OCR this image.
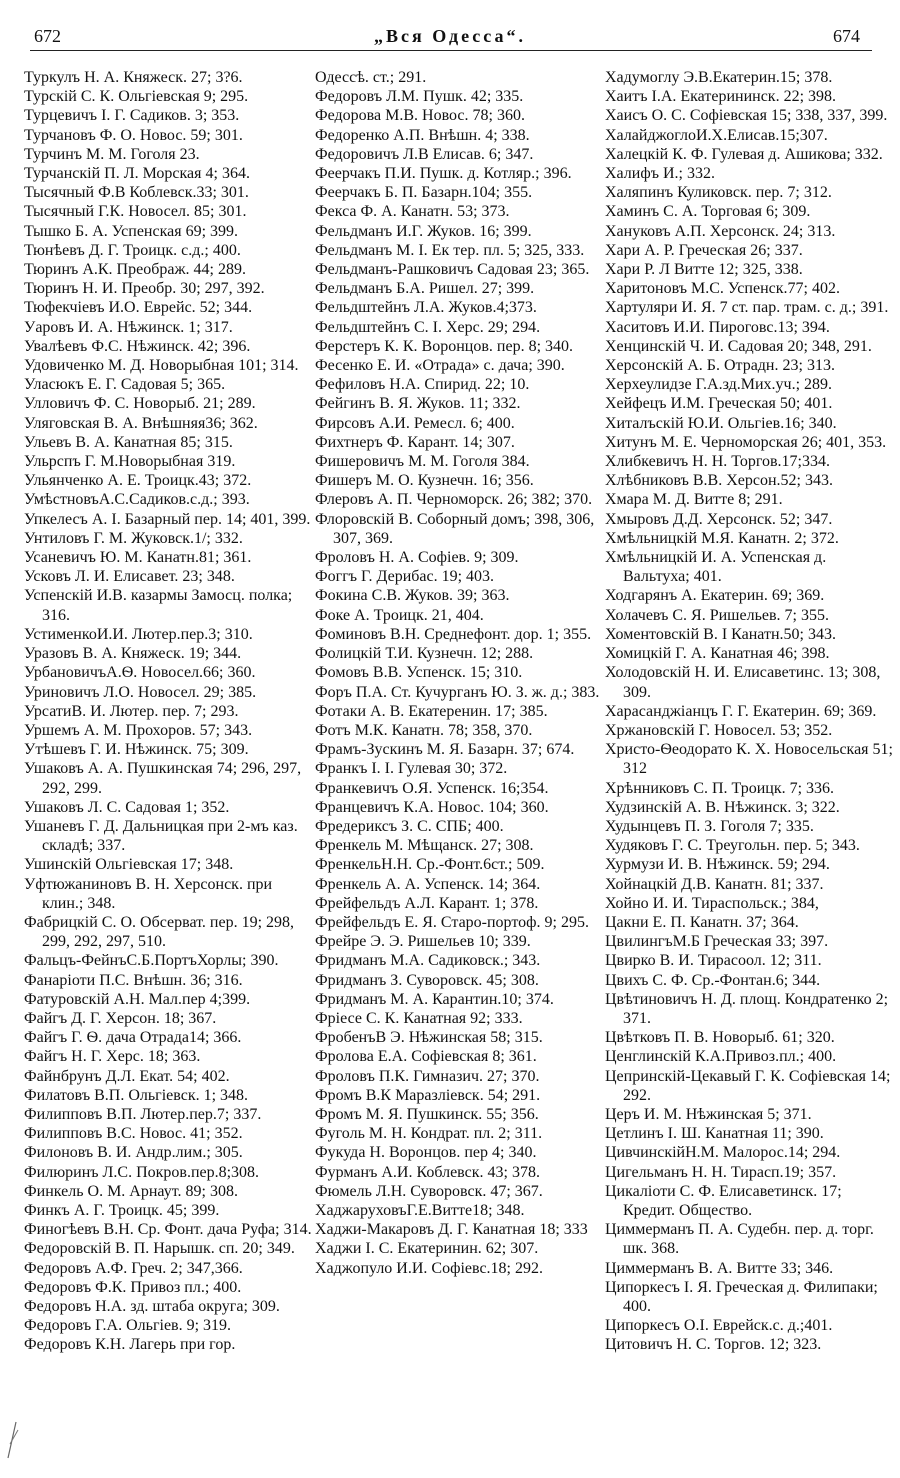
672	„Вся Одесса“.	674

Туркулъ Н. А. Княжеск. 27; 3?6.

Турскій С. К. Ольгіевская 9; 295.

Турцевичъ І. Г. Садиков. 3; 353.

Турчановъ Ф. О. Новос. 59; 301.

Турчинъ М. М. Гоголя 23.

Турчанскій П. Л. Морская 4; 364.

Тысячный Ф.В Коблевск.33; 301.

Тысячный Г.К. Новосел. 85; 301.

Тышко Б. А. Успенская 69; 399.

Тюнѣевъ Д. Г. Троицк. с.д.; 400.

Тюринъ А.К. Преображ. 44; 289.

Тюринъ Н. И. Преобр. 30; 297, 392.

Тюфекчіевъ И.О. Еврейс. 52; 344.

Уаровъ И. А. Нѣжинск. 1; 317.

Увалѣевъ Ф.С. Нѣжинск. 42; 396.

Удовиченко М. Д. Новорыбная 101; 314.

Уласюкъ Е. Г. Садовая 5; 365.

Улловичъ Ф. С. Новорыб. 21; 289.

Уляговская В. А. Внѣшняя36; 362.

Ульевъ В. А. Канатная 85; 315.

Ульрспъ Г. М.Новорыбная 319.

Ульянченко А. Е. Троицк.43; 372.

УмѣстновъА.С.Садиков.с.д.; 393.

Упкелесъ А. I. Базарный пер. 14; 401, 399.

Унтиловъ Г. М. Жуковск.1/; 332.

Усаневичъ Ю. М. Канатн.81; 361.

Усковъ Л. И. Елисавет. 23; 348.

Успенскій И.В. казармы Замосц. полка; 316.

УстименкоИ.И. Лютер.пер.3; 310.

Уразовъ В. А. Княжеск. 19; 344.

УрбановичъА.Ѳ. Новосел.66; 360.

Уриновичъ Л.О. Новосел. 29; 385.

УрсатиВ. И. Лютер. пер. 7; 293.

Уршемъ А. М. Прохоров. 57; 343.

Утѣшевъ Г. И. Нѣжинск. 75; 309.

Ушаковъ А. А. Пушкинская 74; 296, 297, 292, 299.

Ушаковъ Л. С. Садовая 1; 352.

Ушаневъ Г. Д. Дальницкая при 2-мъ каз. складѣ; 337.

Ушинскій Ольгіевская 17; 348.

Уфтюжаниновъ В. Н. Херсонск. при клин.; 348.

Фабрицкій С. О. Обсерват. пер. 19; 298, 299, 292, 297, 510.

Фальцъ-ФейнъС.Б.ПортъХорлы; 390.

Фанаріоти П.С. Внѣшн. 36; 316.

Фатуровскій А.Н. Мал.пер 4;399.

Файгъ Д. Г. Херсон. 18; 367.

Файгъ Г. Ѳ. дача Отрада14; 366.

Файгъ Н. Г. Херс. 18; 363.

Файнбрунъ Д.Л. Екат. 54; 402.

Филатовъ В.П. Ольгіевск. 1; 348.

Филипповъ В.П. Лютер.пер.7; 337.

Филипповъ В.С. Новос. 41; 352.

Филоновъ В. И. Андр.лим.; 305.

Филюринъ Л.С. Покров.пер.8;308.

Финкель О. М. Арнаут. 89; 308.

Финкъ А. Г. Троицк. 45; 399.

Финогѣевъ В.Н. Ср. Фонт. дача Руфа; 314.

Федоровскій В. П. Нарышк. сп. 20; 349.

Федоровъ А.Ф. Греч. 2; 347,366.

Федоровъ Ф.К. Привоз пл.; 400.

Федоровъ Н.А. зд. штаба округа; 309.

Федоровъ Г.А. Ольгіев. 9; 319.

Федоровъ К.Н. Лагерь при гор.

Одессѣ. ст.; 291.

Федоровъ Л.М. Пушк. 42; 335.

Федорова М.В. Новос. 78; 360.

Федоренко А.П. Внѣшн. 4; 338.

Федоровичъ Л.В Елисав. 6; 347.

Феерчакъ П.И. Пушк. д. Котляр.; 396.

Феерчакъ Б. П. Базарн.104; 355.

Фекса Ф. А. Канатн. 53; 373.

Фельдманъ И.Г. Жуков. 16; 399.

Фельдманъ М. І. Ек тер. пл. 5; 325, 333.

Фельдманъ-Рашковичъ Садовая 23; 365.

Фельдманъ Б.А. Ришел. 27; 399.

Фельдштейнъ Л.А. Жуков.4;373.

Фельдштейнъ С. I. Херс. 29; 294.

Ферстеръ К. К. Воронцов. пер. 8; 340.

Фесенко Е. И. «Отрада» с. дача; 390.

Фефиловъ Н.А. Спирид. 22; 10.

Фейгинъ В. Я. Жуков. 11; 332.

Фирсовъ А.И. Ремесл. 6; 400.

Фихтнеръ Ф. Карант. 14; 307.

Фишеровичъ М. М. Гоголя 384.

Фишеръ М. О. Кузнечн. 16; 356.

Флеровъ А. П. Черноморск. 26; 382; 370.

Флоровскій В. Соборный домъ; 398, 306, 307, 369.

Фроловъ Н. А. Софіев. 9; 309.

Фоггъ Г. Дерибас. 19; 403.

Фокина С.В. Жуков. 39; 363.

Фоке А. Троицк. 21, 404.

Фоминовъ В.Н. Среднефонт. дор. 1; 355.

Фолицкій Т.И. Кузнечн. 12; 288.

Фомовъ В.В. Успенск. 15; 310.

Форъ П.А. Ст. Кучурганъ Ю. З. ж. д.; 383.

Фотаки А. В. Екатеренин. 17; 385.

Фотъ М.К. Канатн. 78; 358, 370.

Фрамъ-Зускинъ М. Я. Базарн. 37; 674.

Франкъ I. I. Гулевая 30; 372.

Франкевичъ О.Я. Успенск. 16;354.

Францевичъ К.А. Новос. 104; 360.

Фредериксъ З. С. СПБ; 400.

Френкель М. Мѣщанск. 27; 308.

ФренкельН.Н. Ср.-Фонт.6ст.; 509.

Френкель А. А. Успенск. 14; 364.

Фрейфельдъ А.Л. Карант. 1; 378.

Фрейфельдъ Е. Я. Старо-портоф. 9; 295.

Фрейре Э. Э. Ришельев 10; 339.

Фридманъ М.А. Садиковск.; 343.

Фридманъ З. Суворовск. 45; 308.

Фридманъ М. А. Карантин.10; 374.

Фріесе С. К. Канатная 92; 333.

ФробенъВ Э. Нѣжинская 58; 315.

Фролова Е.А. Софіевская 8; 361.

Фроловъ П.К. Гимназич. 27; 370.

Фромъ В.К Маразліевск. 54; 291.

Фромъ М. Я. Пушкинск. 55; 356.

Фуголь М. Н. Кондрат. пл. 2; 311.

Фукуда Н. Воронцов. пер 4; 340.

Фурманъ А.И. Коблевск. 43; 378.

Фюмель Л.Н. Суворовск. 47; 367.

ХаджаруховъГ.Е.Витте18; 348.

Хаджи-Макаровъ Д. Г. Канатная 18; 333

Хаджи I. С. Екатеринин. 62; 307.

Хаджопуло И.И. Софіевс.18; 292.

Хадумоглу Э.В.Екатерин.15; 378.

Хаитъ I.А. Екатерининск. 22; 398.

Хаисъ О. С. Софіевская 15; 338, 337, 399.

ХалайджоглоИ.Х.Елисав.15;307.

Халецкій К. Ф. Гулевая д. Ашикова; 332.

Халифъ И.; 332.

Халяпинъ Куликовск. пер. 7; 312.

Хаминъ С. А. Торговая 6; 309.

Хануковъ А.П. Херсонск. 24; 313.

Хари А. Р. Греческая 26; 337.

Хари Р. Л Витте 12; 325, 338.

Харитоновъ М.С. Успенск.77; 402.

Хартуляри И. Я. 7 ст. пар. трам. с. д.; 391.

Хаситовъ И.И. Пироговс.13; 394.

Хенцинскій Ч. И. Садовая 20; 348, 291.

Херсонскій А. Б. Отрадн. 23; 313.

Херхеулидзе Г.А.зд.Мих.уч.; 289.

Хейфецъ И.М. Греческая 50; 401.

Хиталъскій Ю.И. Ольгіев.16; 340.

Хитунъ М. Е. Черноморская 26; 401, 353.

Хлибкевичъ Н. Н. Торгов.17;334.

Хлѣбниковъ В.В. Херсон.52; 343.

Хмара М. Д. Витте 8; 291.

Хмыровъ Д.Д. Херсонск. 52; 347.

Хмѣльницкій М.Я. Канатн. 2; 372.

Хмѣльницкій И. А. Успенская д. Вальтуха; 401.

Ходгарянъ А. Екатерин. 69; 369.

Холачевъ С. Я. Ришельев. 7; 355.

Хоментовскій В. I Канатн.50; 343.

Хомицкій Г. А. Канатная 46; 398.

Холодовскій Н. И. Елисаветинс. 13; 308, 309.

Харасанджіанцъ Г. Г. Екатерин. 69; 369.

Хржановскій Г. Новосел. 53; 352.

Христо-Ѳеодорато К. Х. Новосельская 51; 312

Хрѣнниковъ С. П. Троицк. 7; 336.

Худзинскій А. В. Нѣжинск. 3; 322.

Худынцевъ П. З. Гоголя 7; 335.

Худяковъ Г. С. Треугольн. пер. 5; 343.

Хурмузи И. В. Нѣжинск. 59; 294.

Хойнацкій Д.В. Канатн. 81; 337.

Хойно И. И. Тираспольск.; 384,

Цакни Е. П. Канатн. 37; 364.

ЦвилингъМ.Б Греческая 33; 397.

Цвирко В. И. Тирасоол. 12; 311.

Цвихъ С. Ф. Ср.-Фонтан.6; 344.

Цвѣтиновичъ Н. Д. площ. Кондратенко 2; 371.

Цвѣтковъ П. В. Новорыб. 61; 320.

Ценглинскій К.А.Привоз.пл.; 400.

Цепринскій-Цекавый Г. К. Софіевская 14; 292.

Церъ И. М. Нѣжинская 5; 371.

Цетлинъ I. Ш. Канатная 11; 390.

ЦивчинскійН.М. Малорос.14; 294.

Цигельманъ Н. Н. Тирасп.19; 357.

Цикаліоти С. Ф. Елисаветинск. 17; Кредит. Общество.

Циммерманъ П. А. Судебн. пер. д. торг. шк. 368.

Циммерманъ В. А. Витте 33; 346.

Ципоркесъ I. Я. Греческая д. Филипаки; 400.

Ципоркесъ О.I. Еврейск.с. д.;401.

Цитовичъ Н. С. Торгов. 12; 323.
